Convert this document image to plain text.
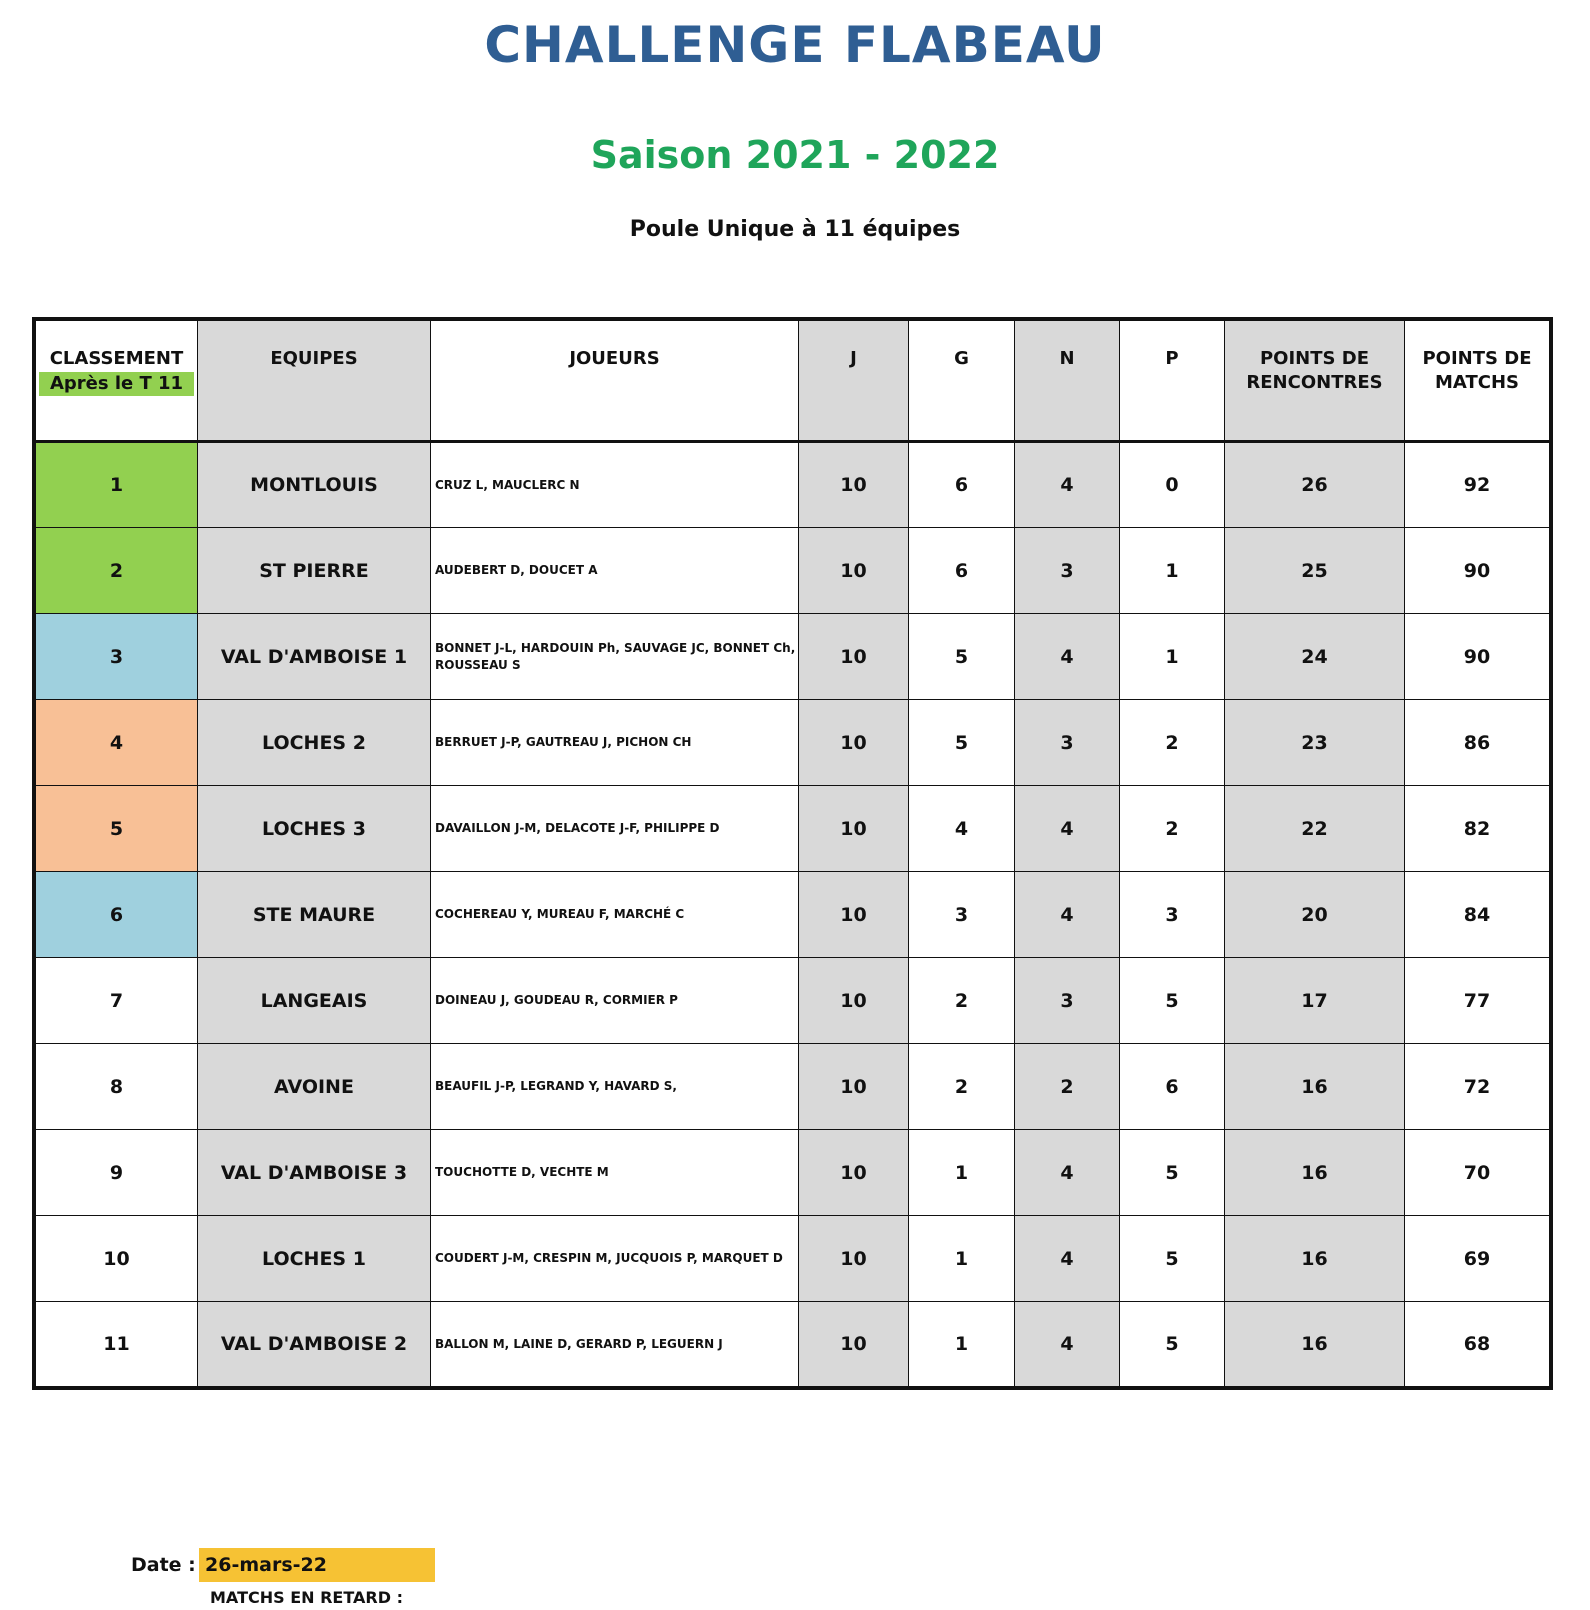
CHALLENGE FLABEAU
Saison 2021 - 2022
Poule Unique à 11 équipes
CLASSEMENT
Après le T 11	EQUIPES	JOUEURS	J	G	N	P	POINTS DE RENCONTRES	POINTS DE MATCHS
1	MONTLOUIS	CRUZ L, MAUCLERC N	10	6	4	0	26	92
2	ST PIERRE	AUDEBERT D, DOUCET A	10	6	3	1	25	90
3	VAL D'AMBOISE 1	BONNET J-L, HARDOUIN Ph, SAUVAGE JC, BONNET Ch, ROUSSEAU S	10	5	4	1	24	90
4	LOCHES 2	BERRUET J-P, GAUTREAU J, PICHON CH	10	5	3	2	23	86
5	LOCHES 3	DAVAILLON J-M, DELACOTE J-F, PHILIPPE D	10	4	4	2	22	82
6	STE MAURE	COCHEREAU Y, MUREAU F, MARCHÉ C	10	3	4	3	20	84
7	LANGEAIS	DOINEAU J, GOUDEAU R, CORMIER P	10	2	3	5	17	77
8	AVOINE	BEAUFIL J-P, LEGRAND Y, HAVARD S,	10	2	2	6	16	72
9	VAL D'AMBOISE 3	TOUCHOTTE D, VECHTE M	10	1	4	5	16	70
10	LOCHES 1	COUDERT J-M, CRESPIN M, JUCQUOIS P, MARQUET D	10	1	4	5	16	69
11	VAL D'AMBOISE 2	BALLON M, LAINE D, GERARD P, LEGUERN J	10	1	4	5	16	68
Date : 26-mars-22
MATCHS EN RETARD :
